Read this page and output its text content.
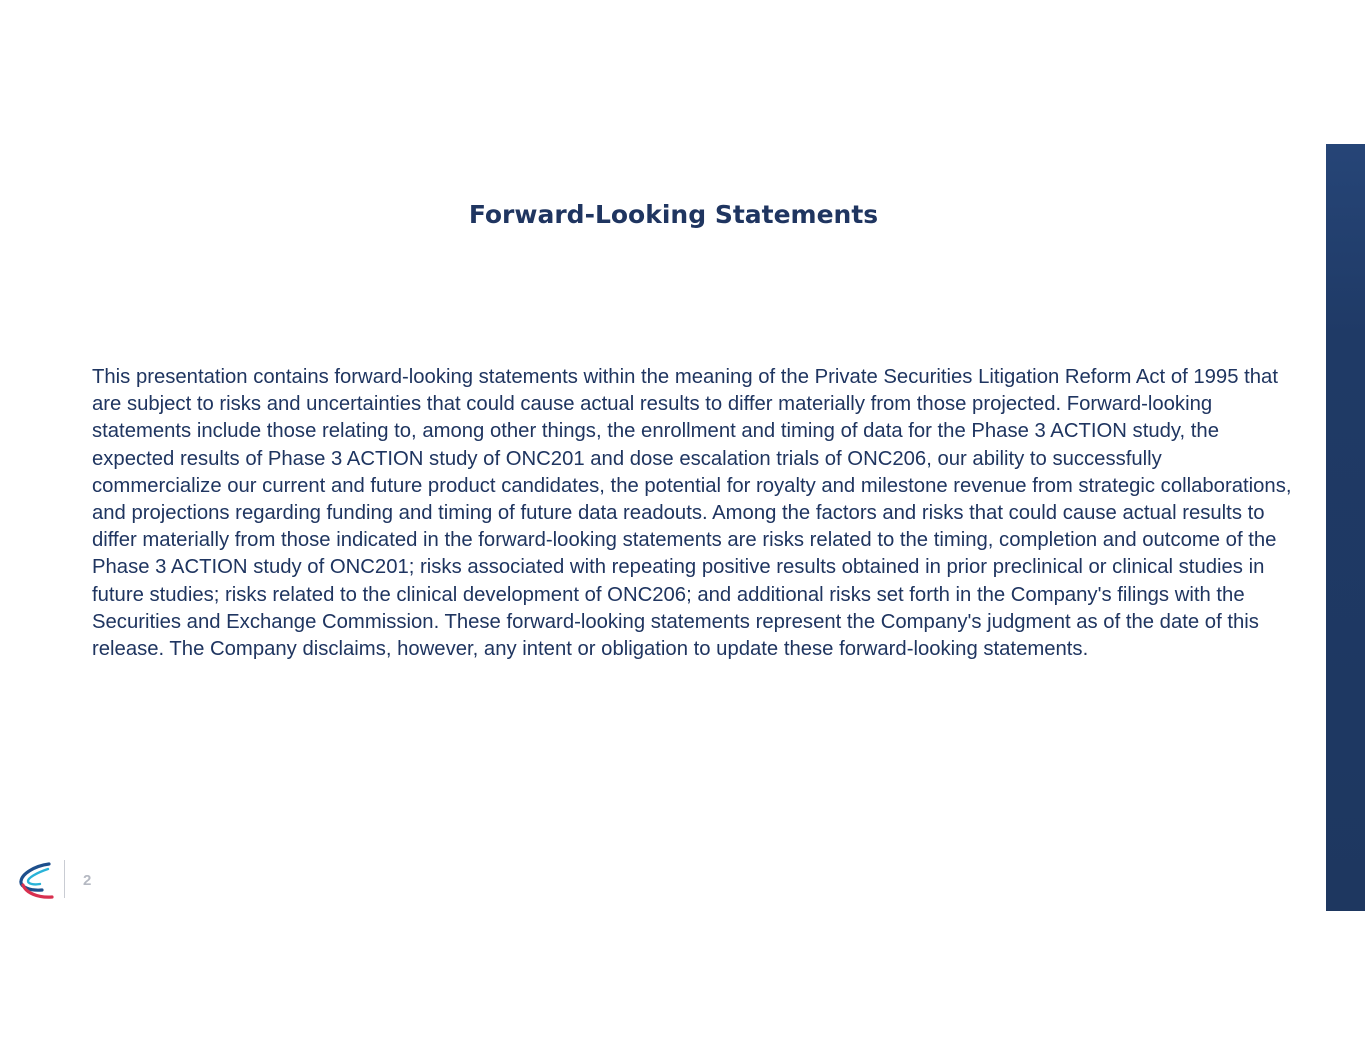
Forward-Looking Statements

This presentation contains forward-looking statements within the meaning of the Private Securities Litigation Reform Act of 1995 that are subject to risks and uncertainties that could cause actual results to differ materially from those projected. Forward-looking statements include those relating to, among other things, the enrollment and timing of data for the Phase 3 ACTION study, the expected results of Phase 3 ACTION study of ONC201 and dose escalation trials of ONC206, our ability to successfully commercialize our current and future product candidates, the potential for royalty and milestone revenue from strategic collaborations, and projections regarding funding and timing of future data readouts. Among the factors and risks that could cause actual results to differ materially from those indicated in the forward-looking statements are risks related to the timing, completion and outcome of the Phase 3 ACTION study of ONC201; risks associated with repeating positive results obtained in prior preclinical or clinical studies in future studies; risks related to the clinical development of ONC206; and additional risks set forth in the Company's filings with the Securities and Exchange Commission. These forward-looking statements represent the Company's judgment as of the date of this release. The Company disclaims, however, any intent or obligation to update these forward-looking statements.

2
